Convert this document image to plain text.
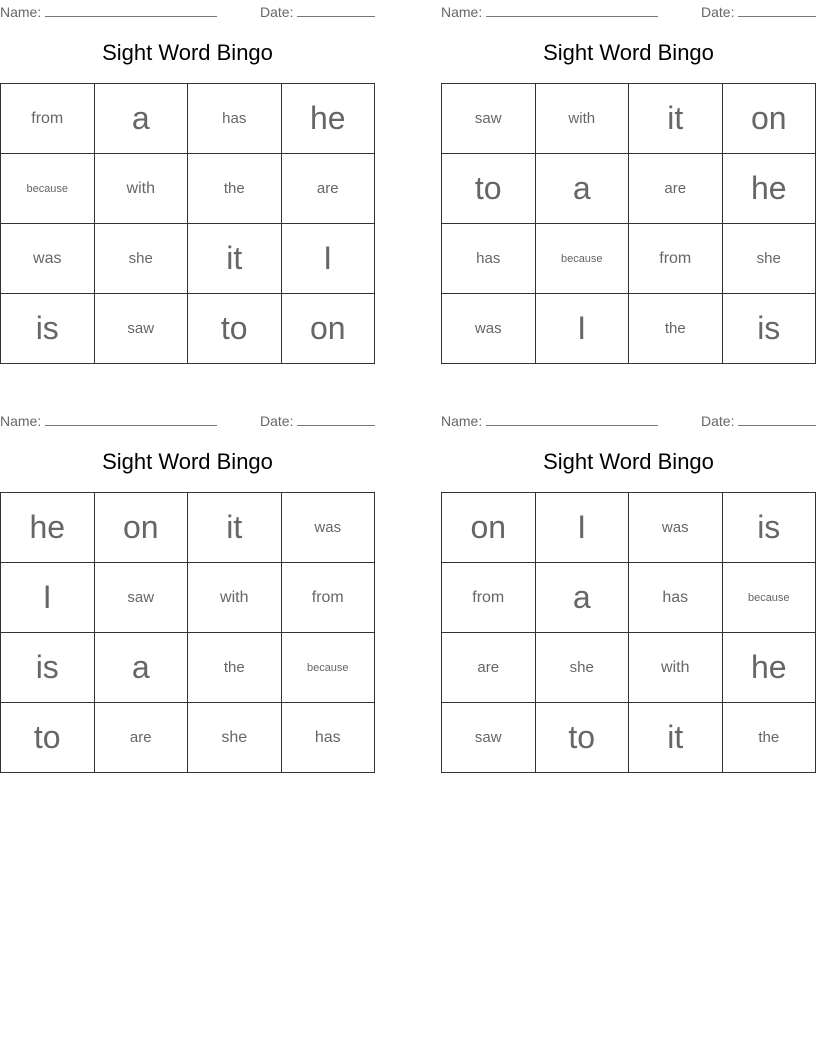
Name:	Date:
Sight Word Bingo
from	a	has	he
because	with	the	are
was	she	it	I
is	saw	to	on
Name:	Date:
Sight Word Bingo
saw	with	it	on
to	a	are	he
has	because	from	she
was	I	the	is
Name:	Date:
Sight Word Bingo
he	on	it	was
I	saw	with	from
is	a	the	because
to	are	she	has
Name:	Date:
Sight Word Bingo
on	I	was	is
from	a	has	because
are	she	with	he
saw	to	it	the
